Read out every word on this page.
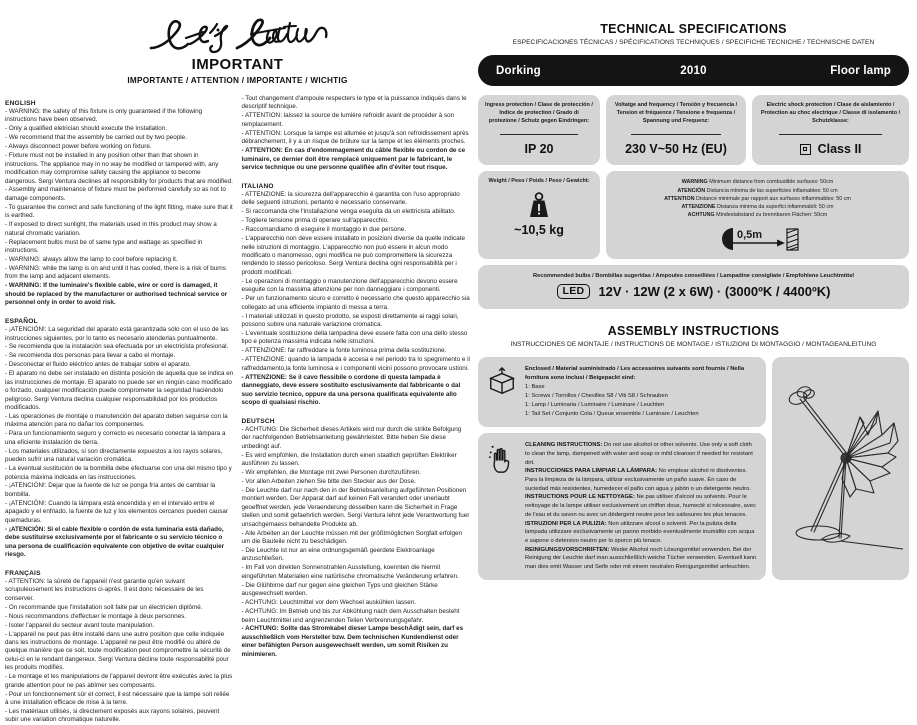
IMPORTANT
IMPORTANTE / ATTENTION / IMPORTANTE / WICHTIG
ENGLISH

- WARNING: the safety of this fixture is only guaranteed if the following instructions have been observed.

- Only a qualified eletrician should execute the installation.

- We recommend that the assembly be carried out by two people.

- Always disconnect power before working on fixture.

- Fixture must not be installed in any position other than that shown in instructions. The appliance may in no way be modified or tampered with, any modification may compromise safety causing the appliance to become dangerous. Sergi Ventura declines all responsibility for products that are modified.

- Assembly and maintenance of fixture must be performed carefully so as not to damage components.

- To guarantee the correct and safe functioning of the light fitting, make sure that it is earthed.

- If exposed to direct sunlight, the materials used in this product may show a natural chromatic variation.

- Replacement bulbs must be of same type and wattage as specified in instructions.

- WARNING: always allow the lamp to cool before replacing it.

- WARNING: while the lamp is on and until it has cooled, there is a risk of burns from the lamp and adjacent elements.

- WARNING: If the luminaire's flexible cable, wire or cord is damaged, it should be replaced by the manufacturer or authorised technical service or personnel only in order to avoid risk.

ESPAÑOL

- ¡ATENCIÓN!: La seguridad del aparato está garantizada sólo con el uso de las instrucciones siguientes, por lo tanto es necesario atenderlas puntualmente.

- Se recomienda que la instalación sea efectuada por un electricista profesional.

- Se recomienda dos personas para llevar a cabo el montaje.

- Desconectar el fluido eléctrico antes de trabajar sobre el aparato.

- El aparato no debe ser instalado en distinta posición de aquella que se indica en las instrucciones de montaje. El aparato no puede ser en ningún caso modificado o forzado, cualquier modificación puede comprometer la seguridad haciéndolo peligroso. Sergi Ventura declina cualquier responsabilidad por los productos modificados.

- Las operaciones de montaje o manutención del aparato deben seguirse con la máxima atención para no dañar los componentes.

- Para un funcionamiento seguro y correcto es necesario conectar la lámpara a una eficiente instalación de tierra.

- Los materiales utilizados, si son directamente expuestos a los rayos solares, pueden sufrir una natural variación cromática.

- La eventual sustitución de la bombilla debe efectuarse con una del mismo tipo y potencia máxima indicada en las instrucciones.

- ¡ATENCIÓN!: Dejar que la fuente de luz se ponga fría antes de cambiar la bombilla.

- ¡ATENCIÓN!: Cuando la lámpara está encendida y en el intervalo entre el apagado y el enfriado, la fuente de luz y los elementos cercanos pueden causar quemaduras.

- ¡ATENCIÓN: Si el cable flexible o cordón de esta luminaria está dañado, debe sustituirse exclusivamente por el fabricante o su servicio técnico o una persona de cualificación equivalente con objetivo de evitar cualquier riesgo.

FRANÇAIS

- ATTENTION: la sûreté de l'appareil n'est garantie qu'en suivant scrupuleusement les instructions ci-après. Il est donc nécessaire de les conserver.

- On recommande que l'installation soit faite par un électricien diplômé.

- Nous recommandons d'effectuer le montage à deux personnes.

- Isoler l'appareil du secteur avant toute manipulation.

- L'appareil ne peut pas être installé dans une autre position que celle indiquée dans les instructions de montage. L'appareil ne peut être modifié ou altéré de quelque manière que ce soit, toute modification peut compromettre la sécurité de celui-ci en le rendant dangereux. Sergi Ventura décline toute responsabilité pour les produits modifiés.

- Le montage et les manipulations de l'appareil devront être exécutés avec la plus grande attention pour ne pas abîmer ses composants.

- Pour un fonctionnement sûr et correct, il est nécessaire que la lampe soit reliée à une installation efficace de mise à la terre.

- Les matériaux utilisés, si directement exposés aux rayons solaires, peuvent subir une variation chromatique naturelle.

- Tout changement d'ampoule respecters le type et la puissance indiqués dans le descriptif technique.

- ATTENTION: laissez la source de lumière refroidir avant de procéder à son remplacement.

- ATTENTION: Lorsque la lampe est allumée et jusqu'à son refroidissement après débranchement, il y a un risque de brûlure sur la lampe et les éléments proches.

- ATTENTION: En cas d'endommagement du câble flexible ou cordon de ce luminaire, ce dernier doit être remplacé uniquement par le fabricant, le service technique ou une personne qualifiée afin d'éviter tout risque.

ITALIANO

- ATTENZIONE: la sicurezza dell'apparecchio è garantita con l'uso appropriato delle seguenti istruzioni, pertanto è necessario conservarle.

- Si raccomanda che l'installazione venga eseguita da un elettricista abilitato.

- Togliere tensione prima di operare sull'apparecchio.

- Raccomandiamo di eseguire il montaggio in due persone.

- L'apparecchio non deve essere installato in posizioni diverse da quelle indicate nelle istruzioni di montaggio. L'apparecchio non può essere in alcun modo modificato o manomesso, ogni modifica ne può compromettere la sicurezza rendendo lo stesso pericoloso. Sergi Ventura declina ogni responsabilità per i prodotti modificati.

- Le operazioni di montaggio o manutenzione dell'apparecchio devono essere eseguite con la massima attenzione per non danneggiare i componenti.

- Per un funzionamento sicuro e corretto è necessario che questo apparecchio sia collegato ad una efficiente impianto di messa a terra.

- I materiali utilizzati in questo prodotto, se esposti direttamente ai raggi solari, possono subire una naturale variazione cromatica.

- L'eventuale sostituzione della lampadina deve essere fatta con una dello stesso tipo e potenza massima indicata nelle istruzioni.

- ATTENZIONE: far raffreddare la fonte luminosa prima della sostituzione.

- ATTENZIONE: quando la lampada è accesa e nel periodo tra lo spegnimento e il raffreddamento,la fonte luminosa e i componenti vicini possono provocare ustioni.

- ATTENZIONE: Se il cavo flessibile o cordone di questa lampada è danneggiato, deve essere sostituito esclusivamente dal fabbricante o dal suo servizio tecnico, oppure da una persona qualificata equivalente allo scopo di qualsiasi rischio.

DEUTSCH

- ACHTUNG: Die Sicherheit dieses Artikels wird nur durch die strikte Befolgung der nachfolgenden Betriebsanleitung gewährleistet. Bitte heben Sie diese unbedingt auf.

- Es wird empfohlen, die Installation durch einen staatlich geprüften Elektriker ausführen zu lassen.

- Wir empfehlen, die Montage mit zwei Personen durchzuführen.

- Vor allen Arbeiten ziehen Sie bitte den Stecker aus der Dose.

- Die Leuchte darf nur nach den in der Betriebsanleitung aufgeführten Positionen montiert werden. Der Apparat darf auf keinen Fall verandert oder unerlaubt geoeffnet werden, jede Veraenderung desselben kann die Sicherheit in Frage stellen und somit gefaehrlich werden. Sergi Ventura lehnt jede Verantwortung fuer unsachgemaess behandelte Produkte ab.

- Alle Arbeiten an der Leuchte müssen mit der größtmöglichen Sorgfalt erfolgen um die Bauteile nicht zu beschädigen.

- Die Leuchte ist nur an eine ordnungsgemäß geerdete Elektroanlage anzuschließen.

- Im Fall von direkten Sonnenstrahlen Ausstellung, koennten die hiermit eingeführten Materialien eine natürlische chromatische Veränderung erfahren.

- Die Glühbirne darf nur gegen eine gleichen Typs und gleichen Stärke ausgewechselt werden.

- ACHTUNG: Leuchtmittel vor dem Wechsel auskühlen lassen.

- ACHTUNG: Im Betrieb und bis zur Abkühlung nach dem Ausschalten besteht beim Leuchtmittel und angrenzenden Teilen Verbrennungsgefahr.

- ACHTUNG: Sollte das Stromkabel dieser Lampe beschÄdigt sein, darf es ausschließlich vom Hersteller bzw. Dem technischen Kundendienst oder einer befähigten Person ausgewechselt werden, um somit Risiken zu minimieren.

TECHNICAL SPECIFICATIONS
ESPECIFICACIONES TÉCNICAS / SPÉCIFICATIONS TECHNIQUES / SPECIFICHE TECNICHE / TECHNISCHE DATEN
Dorking	2010	Floor lamp
Ingress protection / Clase de protección / Indice de protection / Grado di protezione / Schutz gegen Eindringen:
IP 20
Voltatge and frequency / Tensión y frecuencia / Tension et fréquence / Tensione e frequenza / Spannung und Frequenz:
230 V~50 Hz (EU)
Electric shock protection / Clase de aislamiento / Protection au choc electrique / Classe di isolamento / Schutzklasse:
Class II
Weight / Peso / Poids / Peso / Gewicht:
~10,5 kg
WARNING Minimum distance from combustible surfaces: 50cm
ATENCIÓN Distancia mínima de las superficies inflamables: 50 cm
ATTENTION Distance minimale par rapport aux surfaces inflammables: 50 cm
ATTENZIONE Distanza minima da superfici infiammabili: 50 cm
ACHTUNG Mindestabstand zu brennbaren Flächen: 50cm
0,5m
Recommended bulbs / Bombillas sugeridas / Ampoules conseillées / Lampadine consigliate / Empfohlene Leuchtmittel
LED	12V · 12W (2 x 6W) · (3000ºK / 4400ºK)
ASSEMBLY INSTRUCTIONS
INSTRUCCIONES DE MONTAJE / INSTRUCTIONS DE MONTAGE / ISTIUZIONI DI MONTAGGIO / MONTAGEANLEITUNG
Enclosed / Material suministrado / Les accessoires suivants sont fournis / Nella fornitura sono inclusi / Beigepackt sind:
1: Base
1: Screws / Tornillos / Chevilles S8 / Viti S8 / Schrauben
1: Lamp / Luminaria / Luminaire / Luminare / Leuchten
1: Tail Set / Conjunto Cola / Queue ensemble / Luminare / Leuchten
CLEANING INSTRUCTIONS: Do not use alcohol or other solvents. Use only a soft cloth to clean the lamp, dampened with water and soap or mild cleanser if needed for resistant dirt.
INSTRUCCIONES PARA LIMPIAR LA LÁMPARA: No emplear alcohol ni disolventes. Para la limpieza de la lámpara, utilizar exclusivamente un paño suave. En caso de suciedad más resistentes, humedecer el paño con agua y jabón o un detergente neutro.
INSTRUCTIONS POUR LE NETTOYAGE: Ne pas utiliser d'alcool ou solvents. Pour le nettoyage de la lampe utiliser exclusivement un chiffon doux, humecté si nécessaire, avec de l'eau et du savon ou avec un dédergent neutre pour les salissures les plus tenaces.
ISTRUZIONI PER LA PULIZIA: Non utilizzare alcool o solventi. Per la pulizia della lampada utilizzare esclusivamente un panno morbido eventualmente inumidito con acqua e sapone o detersivo neutro per lo sporco più tenace.
REINIGUNGSVORSCHRIFTEN: Weder Alkohol noch Lösungsmittel verwenden. Bei der Reinigung der Leuchte darf man ausschließlich weiche Tücher verwenden. Eventuell kann man dies emit Wasser und Seife oder mit einem neutralen Reinigungsmittel anfeuchten.
